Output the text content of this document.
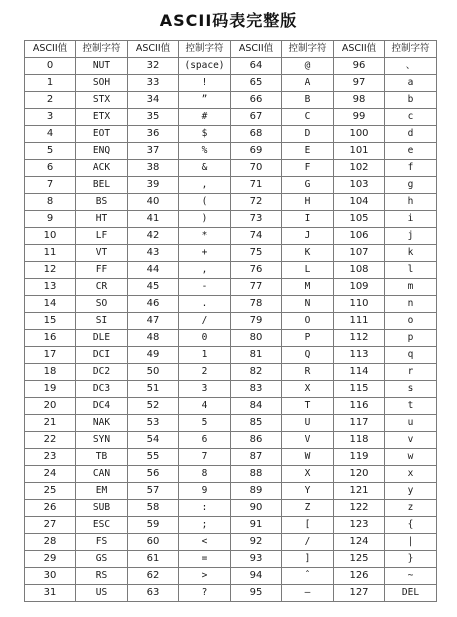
ASCII码表完整版
ASCII值	控制字符	ASCII值	控制字符	ASCII值	控制字符	ASCII值	控制字符
0	NUT	32	(space)	64	@	96	、
1	SOH	33	!	65	A	97	a
2	STX	34	”	66	B	98	b
3	ETX	35	#	67	C	99	c
4	EOT	36	$	68	D	100	d
5	ENQ	37	%	69	E	101	e
6	ACK	38	&	70	F	102	f
7	BEL	39	,	71	G	103	g
8	BS	40	(	72	H	104	h
9	HT	41	)	73	I	105	i
10	LF	42	*	74	J	106	j
11	VT	43	+	75	K	107	k
12	FF	44	,	76	L	108	l
13	CR	45	-	77	M	109	m
14	SO	46	.	78	N	110	n
15	SI	47	/	79	O	111	o
16	DLE	48	0	80	P	112	p
17	DCI	49	1	81	Q	113	q
18	DC2	50	2	82	R	114	r
19	DC3	51	3	83	X	115	s
20	DC4	52	4	84	T	116	t
21	NAK	53	5	85	U	117	u
22	SYN	54	6	86	V	118	v
23	TB	55	7	87	W	119	w
24	CAN	56	8	88	X	120	x
25	EM	57	9	89	Y	121	y
26	SUB	58	:	90	Z	122	z
27	ESC	59	;	91	[	123	{
28	FS	60	<	92	/	124	|
29	GS	61	=	93	]	125	}
30	RS	62	>	94	ˆ	126	~
31	US	63	?	95	—	127	DEL
